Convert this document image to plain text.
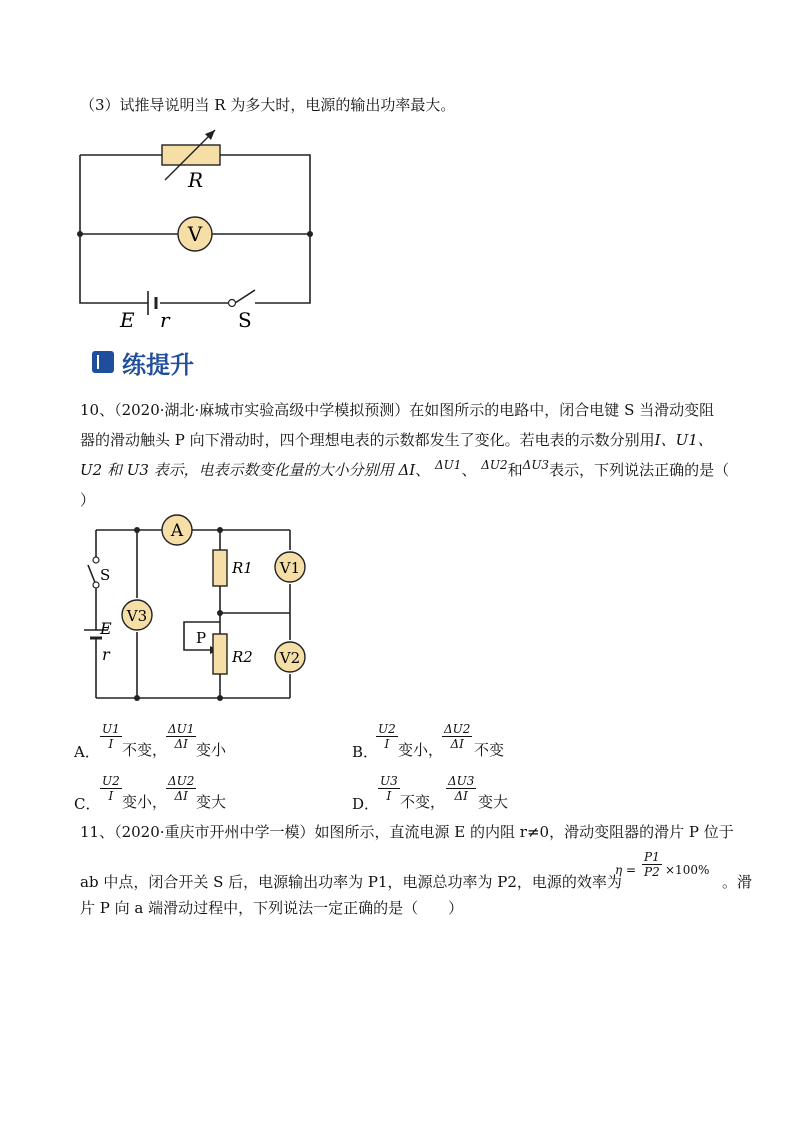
（3）试推导说明当 R 为多大时，电源的输出功率最大。
V
R
E r	S
练提升
10、（2020·湖北·麻城市实验高级中学模拟预测）在如图所示的电路中，闭合电键 S 当滑动变阻
器的滑动触头 P 向下滑动时，四个理想电表的示数都发生了变化。若电表的示数分别用I、U1、
U2 和 U3 表示，电表示数变化量的大小分别用 ΔI、 $^{\Delta U1}$、 $^{\Delta U2}$和$^{\Delta U3}$表示，下列说法正确的是（
）
A
V3
V1
V2
R1
R2
P
S
E
r
A．
$\frac{U1}{I}$ 不变，
$\frac{\Delta U1}{\Delta I}$ 变小	B．
$\frac{U2}{I}$ 变小，
$\frac{\Delta U2}{\Delta I}$ 不变
C．
$\frac{U2}{I}$ 变小，
$\frac{\Delta U2}{\Delta I}$ 变大	D．
$\frac{U3}{I}$ 不变， $\frac{\Delta U3}{\Delta I}$ 变大
11、（2020·重庆市开州中学一模）如图所示，直流电源 E 的内阻 r≠0，滑动变阻器的滑片 P 位于
ab 中点，闭合开关 S 后，电源输出功率为 P1，电源总功率为 P2，电源的效率为
$\eta = \frac{P1}{P2} \times 100\%$
。滑
片 P 向 a 端滑动过程中，下列说法一定正确的是（　　）
